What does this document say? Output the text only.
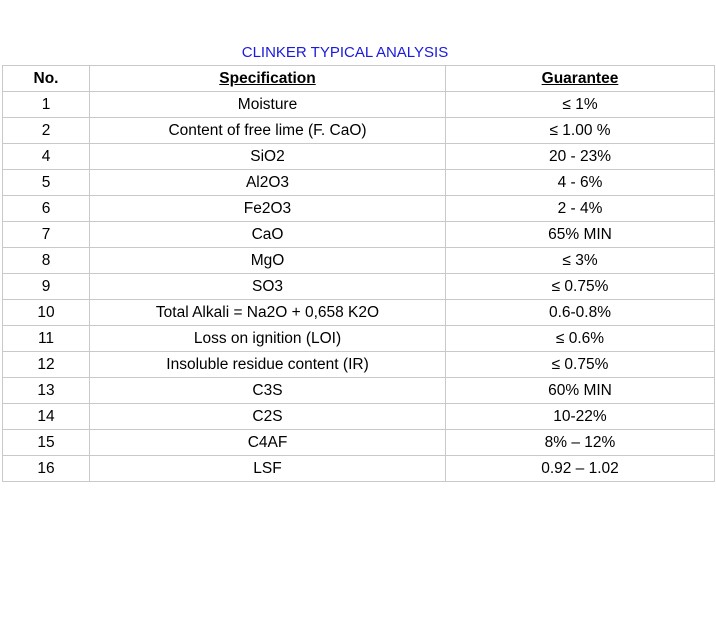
CLINKER TYPICAL ANALYSIS
No.	Specification	Guarantee
1	Moisture	≤ 1%
2	Content of free lime (F. CaO)	≤ 1.00 %
4	SiO2	20 - 23%
5	Al2O3	4 - 6%
6	Fe2O3	2 - 4%
7	CaO	65% MIN
8	MgO	≤ 3%
9	SO3	≤ 0.75%
10	Total Alkali = Na2O + 0,658 K2O	0.6-0.8%
11	Loss on ignition (LOI)	≤ 0.6%
12	Insoluble residue content (IR)	≤ 0.75%
13	C3S	60% MIN
14	C2S	10-22%
15	C4AF	8% – 12%
16	LSF	0.92 – 1.02
